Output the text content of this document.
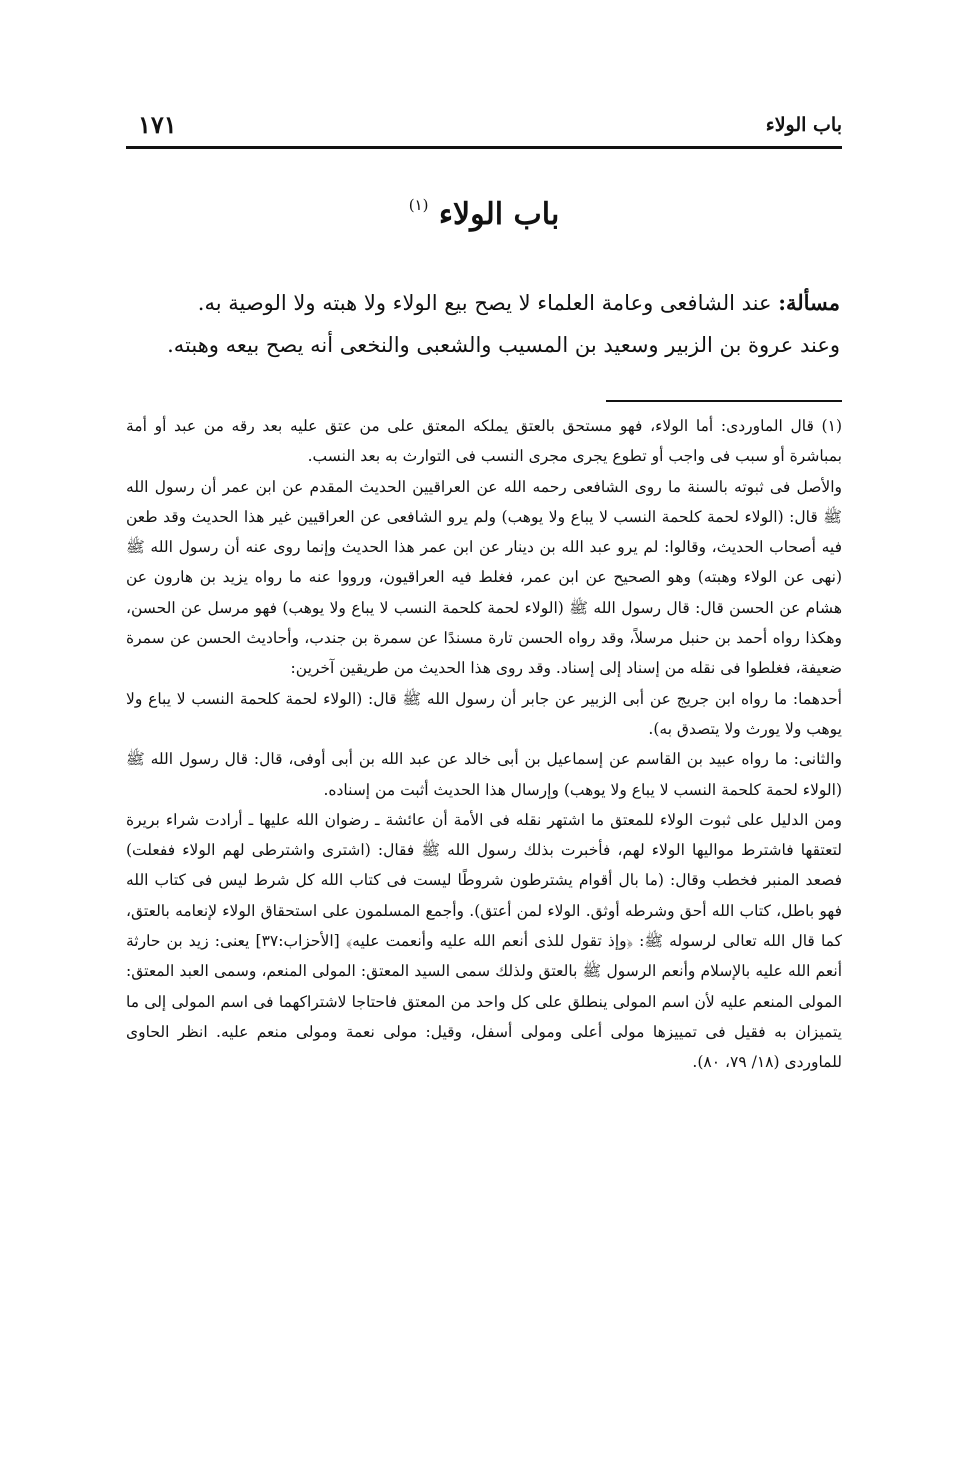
باب الولاء
١٧١
باب الولاء $^{(١)}$

مسألة: عند الشافعى وعامة العلماء لا يصح بيع الولاء ولا هبته ولا الوصية به.

وعند عروة بن الزبير وسعيد بن المسيب والشعبى والنخعى أنه يصح بيعه وهبته.

(١) قال الماوردى: أما الولاء، فهو مستحق بالعتق يملكه المعتق على من عتق عليه بعد رقه من عبد أو أمة بمباشرة أو سبب فى واجب أو تطوع يجرى مجرى النسب فى التوارث به بعد النسب.

والأصل فى ثبوته بالسنة ما روى الشافعى رحمه الله عن العراقيين الحديث المقدم عن ابن عمر أن رسول الله ﷺ قال: (الولاء لحمة كلحمة النسب لا يباع ولا يوهب) ولم يرو الشافعى عن العراقيين غير هذا الحديث وقد طعن فيه أصحاب الحديث، وقالوا: لم يرو عبد الله بن دينار عن ابن عمر هذا الحديث وإنما روى عنه أن رسول الله ﷺ (نهى عن الولاء وهبته) وهو الصحيح عن ابن عمر، فغلط فيه العراقيون، ورووا عنه ما رواه يزيد بن هارون عن هشام عن الحسن قال: قال رسول الله ﷺ (الولاء لحمة كلحمة النسب لا يباع ولا يوهب) فهو مرسل عن الحسن، وهكذا رواه أحمد بن حنبل مرسلاً، وقد رواه الحسن تارة مسندًا عن سمرة بن جندب، وأحاديث الحسن عن سمرة ضعيفة، فغلطوا فى نقله من إسناد إلى إسناد. وقد روى هذا الحديث من طريقين آخرين:

أحدهما: ما رواه ابن جريج عن أبى الزبير عن جابر أن رسول الله ﷺ قال: (الولاء لحمة كلحمة النسب لا يباع ولا يوهب ولا يورث ولا يتصدق به).

والثانى: ما رواه عبيد بن القاسم عن إسماعيل بن أبى خالد عن عبد الله بن أبى أوفى، قال: قال رسول الله ﷺ (الولاء لحمة كلحمة النسب لا يباع ولا يوهب) وإرسال هذا الحديث أثبت من إسناده.

ومن الدليل على ثبوت الولاء للمعتق ما اشتهر نقله فى الأمة أن عائشة ـ رضوان الله عليها ـ أرادت شراء بريرة لتعتقها فاشترط مواليها الولاء لهم، فأخبرت بذلك رسول الله ﷺ فقال: (اشترى واشترطى لهم الولاء ففعلت) فصعد المنبر فخطب وقال: (ما بال أقوام يشترطون شروطًا ليست فى كتاب الله كل شرط ليس فى كتاب الله فهو باطل، كتاب الله أحق وشرطه أوثق. الولاء لمن أعتق). وأجمع المسلمون على استحقاق الولاء لإنعامه بالعتق، كما قال الله تعالى لرسوله ﷺ: ﴿وإذ تقول للذى أنعم الله عليه وأنعمت عليه﴾ [الأحزاب:٣٧] يعنى: زيد بن حارثة أنعم الله عليه بالإسلام وأنعم الرسول ﷺ بالعتق ولذلك سمى السيد المعتق: المولى المنعم، وسمى العبد المعتق: المولى المنعم عليه لأن اسم المولى ينطلق على كل واحد من المعتق فاحتاجا لاشتراكهما فى اسم المولى إلى ما يتميزان به فقيل فى تمييزها مولى أعلى ومولى أسفل، وقيل: مولى نعمة ومولى منعم عليه. انظر الحاوى للماوردى (١٨/ ٧٩، ٨٠).
